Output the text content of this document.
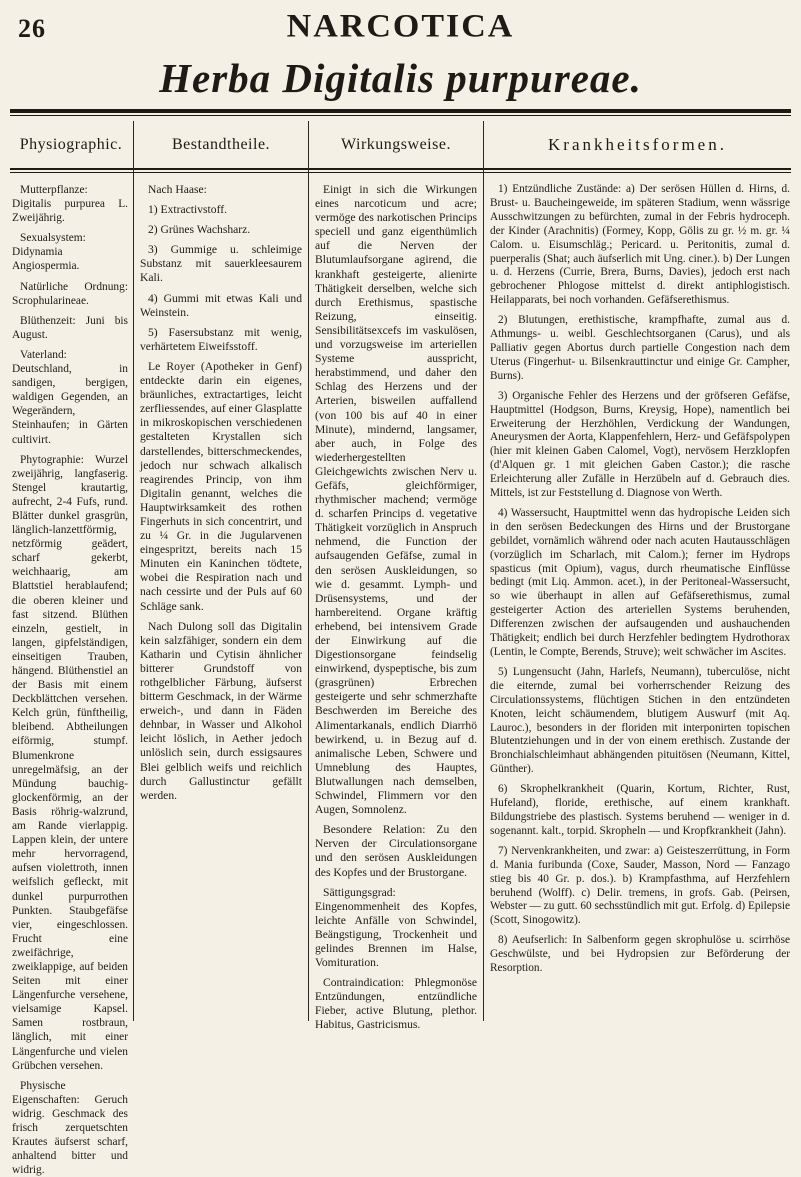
26	NARCOTICA
Herba Digitalis purpureae.
Physiographic.	Bestandtheile.	Wirkungsweise.	Krankheitsformen.

Mutterpflanze: Digitalis purpurea L. Zweijährig.

Sexualsystem: Didynamia Angiospermia.

Natürliche Ordnung: Scrophularineae.

Blüthenzeit: Juni bis August.

Vaterland: Deutschland, in sandigen, bergigen, waldigen Gegenden, an Wegerändern, Steinhaufen; in Gärten cultivirt.

Phytographie: Wurzel zweijährig, langfaserig. Stengel krautartig, aufrecht, 2-4 Fufs, rund. Blätter dunkel grasgrün, länglich-lanzettförmig, netzförmig geädert, scharf gekerbt, weichhaarig, am Blattstiel herablaufend; die oberen kleiner und fast sitzend. Blüthen einzeln, gestielt, in langen, gipfelständigen, einseitigen Trauben, hängend. Blüthenstiel an der Basis mit einem Deckblättchen versehen. Kelch grün, fünftheilig, bleibend. Abtheilungen eiförmig, stumpf. Blumenkrone unregelmäfsig, an der Mündung bauchig-glockenförmig, an der Basis röhrig-walzrund, am Rande vierlappig. Lappen klein, der untere mehr hervorragend, aufsen violettroth, innen weifslich gefleckt, mit dunkel purpurrothen Punkten. Staubgefäfse vier, eingeschlossen. Frucht eine zweifächrige, zweiklappige, auf beiden Seiten mit einer Längenfurche versehene, vielsamige Kapsel. Samen rostbraun, länglich, mit einer Längenfurche und vielen Grübchen versehen.

Physische Eigenschaften: Geruch widrig. Geschmack des frisch zerquetschten Krautes äufserst scharf, anhaltend bitter und widrig.

Nach Haase:

1) Extractivstoff.

2) Grünes Wachsharz.

3) Gummige u. schleimige Substanz mit sauerkleesaurem Kali.

4) Gummi mit etwas Kali und Weinstein.

5) Fasersubstanz mit wenig, verhärtetem Eiweifsstoff.

Le Royer (Apotheker in Genf) entdeckte darin ein eigenes, bräunliches, extractartiges, leicht zerfliessendes, auf einer Glasplatte in mikroskopischen verschiedenen gestalteten Krystallen sich darstellendes, bitterschmeckendes, jedoch nur schwach alkalisch reagirendes Princip, von ihm Digitalin genannt, welches die Hauptwirksamkeit des rothen Fingerhuts in sich concentrirt, und zu ¼ Gr. in die Jugularvenen eingespritzt, bereits nach 15 Minuten ein Kaninchen tödtete, wobei die Respiration nach und nach cessirte und der Puls auf 60 Schläge sank.

Nach Dulong soll das Digitalin kein salzfähiger, sondern ein dem Katharin und Cytisin ähnlicher bitterer Grundstoff von rothgelblicher Färbung, äufserst bitterm Geschmack, in der Wärme erweich-, und dann in Fäden dehnbar, in Wasser und Alkohol leicht löslich, in Aether jedoch unlöslich sein, durch essigsaures Blei gelblich weifs und reichlich durch Gallustinctur gefällt werden.

Einigt in sich die Wirkungen eines narcoticum und acre; vermöge des narkotischen Princips speciell und ganz eigenthümlich auf die Nerven der Blutumlaufsorgane agirend, die krankhaft gesteigerte, alienirte Thätigkeit derselben, welche sich durch Erethismus, spastische Reizung, einseitig. Sensibilitätsexcefs im vaskulösen, und vorzugsweise im arteriellen Systeme ausspricht, herabstimmend, und daher den Schlag des Herzens und der Arterien, bisweilen auffallend (von 100 bis auf 40 in einer Minute), mindernd, langsamer, aber auch, in Folge des wiederhergestellten Gleichgewichts zwischen Nerv u. Gefäfs, gleichförmiger, rhythmischer machend; vermöge d. scharfen Princips d. vegetative Thätigkeit vorzüglich in Anspruch nehmend, die Function der aufsaugenden Gefäfse, zumal in den serösen Auskleidungen, so wie d. gesammt. Lymph- und Drüsensystems, und der harnbereitend. Organe kräftig erhebend, bei intensivem Grade der Einwirkung auf die Digestionsorgane feindselig einwirkend, dyspeptische, bis zum (grasgrünen) Erbrechen gesteigerte und sehr schmerzhafte Beschwerden im Bereiche des Alimentarkanals, endlich Diarrhö bewirkend, u. in Bezug auf d. animalische Leben, Schwere und Umneblung des Hauptes, Blutwallungen nach demselben, Schwindel, Flimmern vor den Augen, Somnolenz.

Besondere Relation: Zu den Nerven der Circulationsorgane und den serösen Auskleidungen des Kopfes und der Brustorgane.

Sättigungsgrad: Eingenommenheit des Kopfes, leichte Anfälle von Schwindel, Beängstigung, Trockenheit und gelindes Brennen im Halse, Vomituration.

Contraindication: Phlegmonöse Entzündungen, entzündliche Fieber, active Blutung, plethor. Habitus, Gastricismus.

1) Entzündliche Zustände: a) Der serösen Hüllen d. Hirns, d. Brust- u. Baucheingeweide, im späteren Stadium, wenn wässrige Ausschwitzungen zu befürchten, zumal in der Febris hydroceph. der Kinder (Arachnitis) (Formey, Kopp, Gölis zu gr. ½ m. gr. ¼ Calom. u. Eisumschläg.; Pericard. u. Peritonitis, zumal d. puerperalis (Shat; auch äufserlich mit Ung. ciner.). b) Der Lungen u. d. Herzens (Currie, Brera, Burns, Davies), jedoch erst nach gebrochener Phlogose mittelst d. direkt antiphlogistisch. Heilapparats, bei noch vorhanden. Gefäfserethismus.

2) Blutungen, erethistische, krampfhafte, zumal aus d. Athmungs- u. weibl. Geschlechtsorganen (Carus), und als Palliativ gegen Abortus durch partielle Congestion nach dem Uterus (Fingerhut- u. Bilsenkrauttinctur und einige Gr. Campher, Burns).

3) Organische Fehler des Herzens und der gröfseren Gefäfse, Hauptmittel (Hodgson, Burns, Kreysig, Hope), namentlich bei Erweiterung der Herzhöhlen, Verdickung der Wandungen, Aneurysmen der Aorta, Klappenfehlern, Herz- und Gefäfspolypen (hier mit kleinen Gaben Calomel, Vogt), nervösem Herzklopfen (d'Alquen gr. 1 mit gleichen Gaben Castor.); die rasche Erleichterung aller Zufälle in Herzübeln auf d. Gebrauch dies. Mittels, ist zur Feststellung d. Diagnose von Werth.

4) Wassersucht, Hauptmittel wenn das hydropische Leiden sich in den serösen Bedeckungen des Hirns und der Brustorgane gebildet, vornämlich während oder nach acuten Hautausschlägen (vorzüglich im Scharlach, mit Calom.); ferner im Hydrops spasticus (mit Opium), vagus, durch rheumatische Einflüsse bedingt (mit Liq. Ammon. acet.), in der Peritoneal-Wassersucht, so wie überhaupt in allen auf Gefäfserethismus, zumal gesteigerter Action des arteriellen Systems beruhenden, Differenzen zwischen der aufsaugenden und aushauchenden Thätigkeit; endlich bei durch Herzfehler bedingtem Hydrothorax (Lentin, le Compte, Berends, Struve); weit schwächer im Ascites.

5) Lungensucht (Jahn, Harlefs, Neumann), tuberculöse, nicht die eiternde, zumal bei vorherrschender Reizung des Circulationssystems, flüchtigen Stichen in den entzündeten Knoten, leicht schäumendem, blutigem Auswurf (mit Aq. Lauroc.), besonders in der floriden mit interponirten topischen Blutentziehungen und in der von einem erethisch. Zustande der Bronchialschleimhaut abhängenden pituitösen (Neumann, Kittel, Günther).

6) Skrophelkrankheit (Quarin, Kortum, Richter, Rust, Hufeland), floride, erethische, auf einem krankhaft. Bildungstriebe des plastisch. Systems beruhend — weniger in d. sogenannt. kalt., torpid. Skropheln — und Kropfkrankheit (Jahn).

7) Nervenkrankheiten, und zwar: a) Geisteszerrüttung, in Form d. Mania furibunda (Coxe, Sauder, Masson, Nord — Fanzago stieg bis 40 Gr. p. dos.). b) Krampfasthma, auf Herzfehlern beruhend (Wolff). c) Delir. tremens, in grofs. Gab. (Peirsen, Webster — zu gutt. 60 sechsstündlich mit gut. Erfolg. d) Epilepsie (Scott, Sinogowitz).

8) Aeufserlich: In Salbenform gegen skrophulöse u. scirrhöse Geschwülste, und bei Hydropsien zur Beförderung der Resorption.
